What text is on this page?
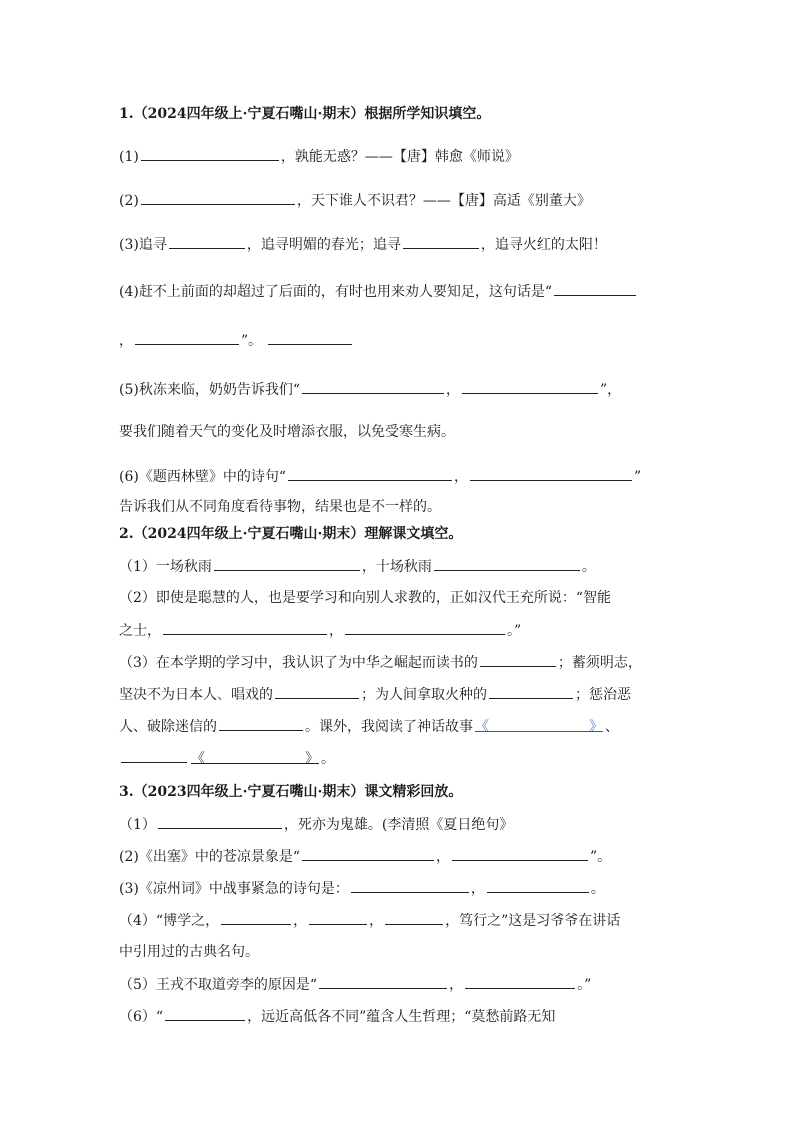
1.（2024四年级上·宁夏石嘴山·期末）根据所学知识填空。
(1)	，孰能无惑？——【唐】韩愈《师说》
(2)	，天下谁人不识君？——【唐】高适《别董大》
(3)追寻	，追寻明媚的春光；追寻	，追寻火红的太阳！
(4)赶不上前面的却超过了后面的，有时也用来劝人要知足，这句话是“
，	”。
(5)秋冻来临，奶奶告诉我们“	，	”，
要我们随着天气的变化及时增添衣服，以免受寒生病。
(6)《题西林壁》中的诗句“	，	”
告诉我们从不同角度看待事物，结果也是不一样的。
2.（2024四年级上·宁夏石嘴山·期末）理解课文填空。
（1）一场秋雨	，十场秋雨	。
（2）即使是聪慧的人，也是要学习和向别人求教的，正如汉代王充所说：“智能
之士，	，	。”
（3）在本学期的学习中，我认识了为中华之崛起而读书的	；蓄须明志，
坚决不为日本人、唱戏的	；为人间拿取火种的	；惩治恶
人、破除迷信的	。课外，我阅读了神话故事 《	》 、
《	》 。
3.（2023四年级上·宁夏石嘴山·期末）课文精彩回放。
（1）	，死亦为鬼雄。(李清照《夏日绝句》
(2)《出塞》中的苍凉景象是“	，	”。
(3)《凉州词》中战事紧急的诗句是：	，	。
（4）“博学之，	，	，	，笃行之”这是习爷爷在讲话
中引用过的古典名句。
（5）王戎不取道旁李的原因是“	，	。”
（6）“	，远近高低各不同”蕴含人生哲理；“莫愁前路无知
